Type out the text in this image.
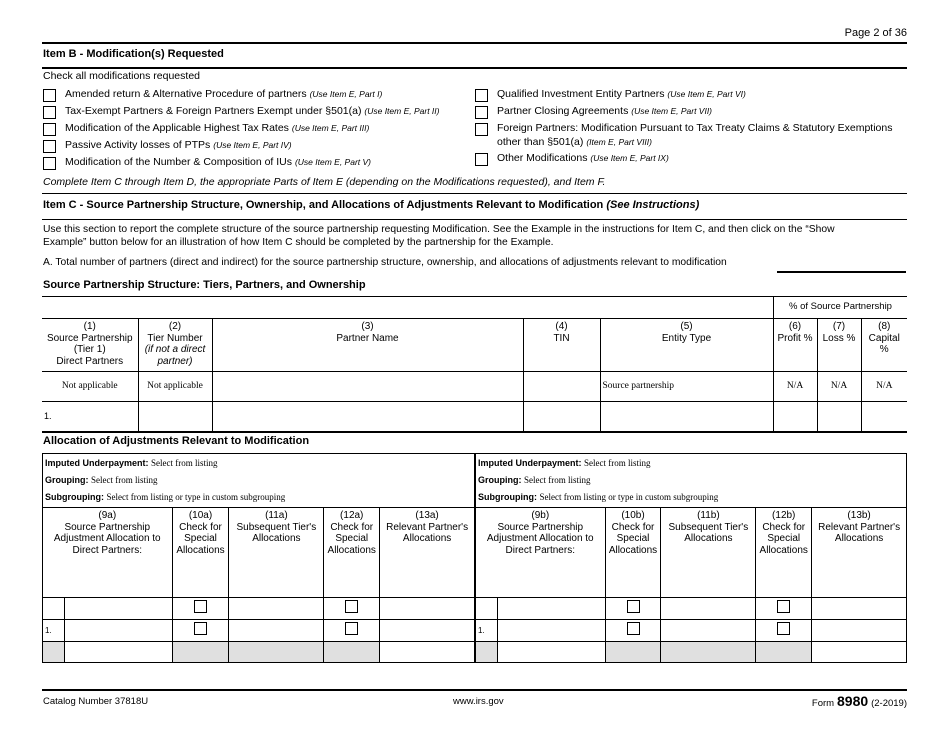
Page 2 of 36
Item B - Modification(s) Requested
Check all modifications requested
Amended return & Alternative Procedure of partners (Use Item E, Part I)
Tax-Exempt Partners & Foreign Partners Exempt under §501(a) (Use Item E, Part II)
Modification of the Applicable Highest Tax Rates (Use Item E, Part III)
Passive Activity losses of PTPs (Use Item E, Part IV)
Modification of the Number & Composition of IUs (Use Item E, Part V)
Qualified Investment Entity Partners (Use Item E, Part VI)
Partner Closing Agreements (Use Item E, Part VII)
Foreign Partners: Modification Pursuant to Tax Treaty Claims & Statutory Exemptions
other than §501(a) (Item E, Part VIII)
Other Modifications (Use Item E, Part IX)
Complete Item C through Item D, the appropriate Parts of Item E (depending on the Modifications requested), and Item F.
Item C - Source Partnership Structure, Ownership, and Allocations of Adjustments Relevant to Modification (See Instructions)
Use this section to report the complete structure of the source partnership requesting Modification. See the Example in the instructions for Item C, and then click on the “Show
Example” button below for an illustration of how Item C should be completed by the partnership for the Example.
A. Total number of partners (direct and indirect) for the source partnership structure, ownership, and allocations of adjustments relevant to modification
Source Partnership Structure: Tiers, Partners, and Ownership
% of Source Partnership
(1)
Source Partnership
(Tier 1)
Direct Partners	(2)
Tier Number
(if not a direct
partner)	(3)
Partner Name	(4)
TIN	(5)
Entity Type	(6)
Profit %	(7)
Loss %	(8)
Capital %
Not applicable	Not applicable			Source partnership	N/A	N/A	N/A
1.							
Allocation of Adjustments Relevant to Modification
Imputed Underpayment: Select from listing
Grouping: Select from listing
Subgrouping: Select from listing or type in custom subgrouping					

(9a)
Source Partnership
Adjustment Allocation to
Direct Partners:		(10a)
Check for
Special
Allocations	(11a)
Subsequent Tier's
Allocations	(12a)
Check for
Special
Allocations	(13a)
Relevant Partner's
Allocations

1.					

Imputed Underpayment: Select from listing
Grouping: Select from listing
Subgrouping: Select from listing or type in custom subgrouping					

(9b)
Source Partnership
Adjustment Allocation to
Direct Partners:		(10b)
Check for
Special
Allocations	(11b)
Subsequent Tier's
Allocations	(12b)
Check for
Special
Allocations	(13b)
Relevant Partner's
Allocations

1.					

Catalog Number 37818U	www.irs.gov	Form 8980 (2-2019)
